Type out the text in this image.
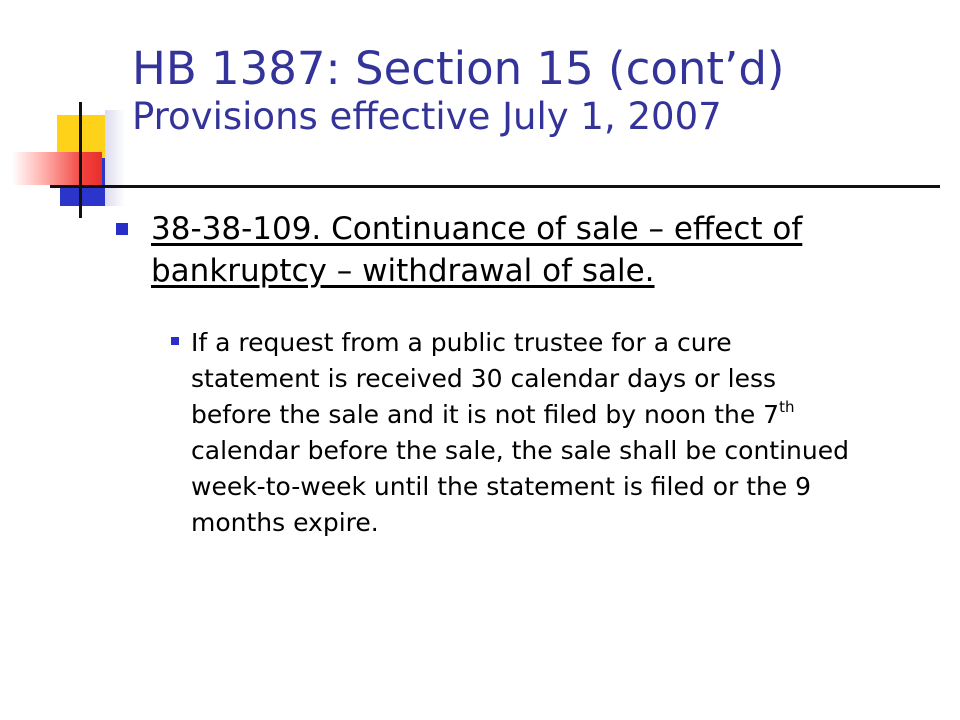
HB 1387: Section 15 (cont’d)
Provisions effective July 1, 2007
38-38-109. Continuance of sale – effect of bankruptcy – withdrawal of sale.
If a request from a public trustee for a cure statement is received 30 calendar days or less before the sale and it is not filed by noon the 7th calendar before the sale, the sale shall be continued week-to-week until the statement is filed or the 9 months expire.
